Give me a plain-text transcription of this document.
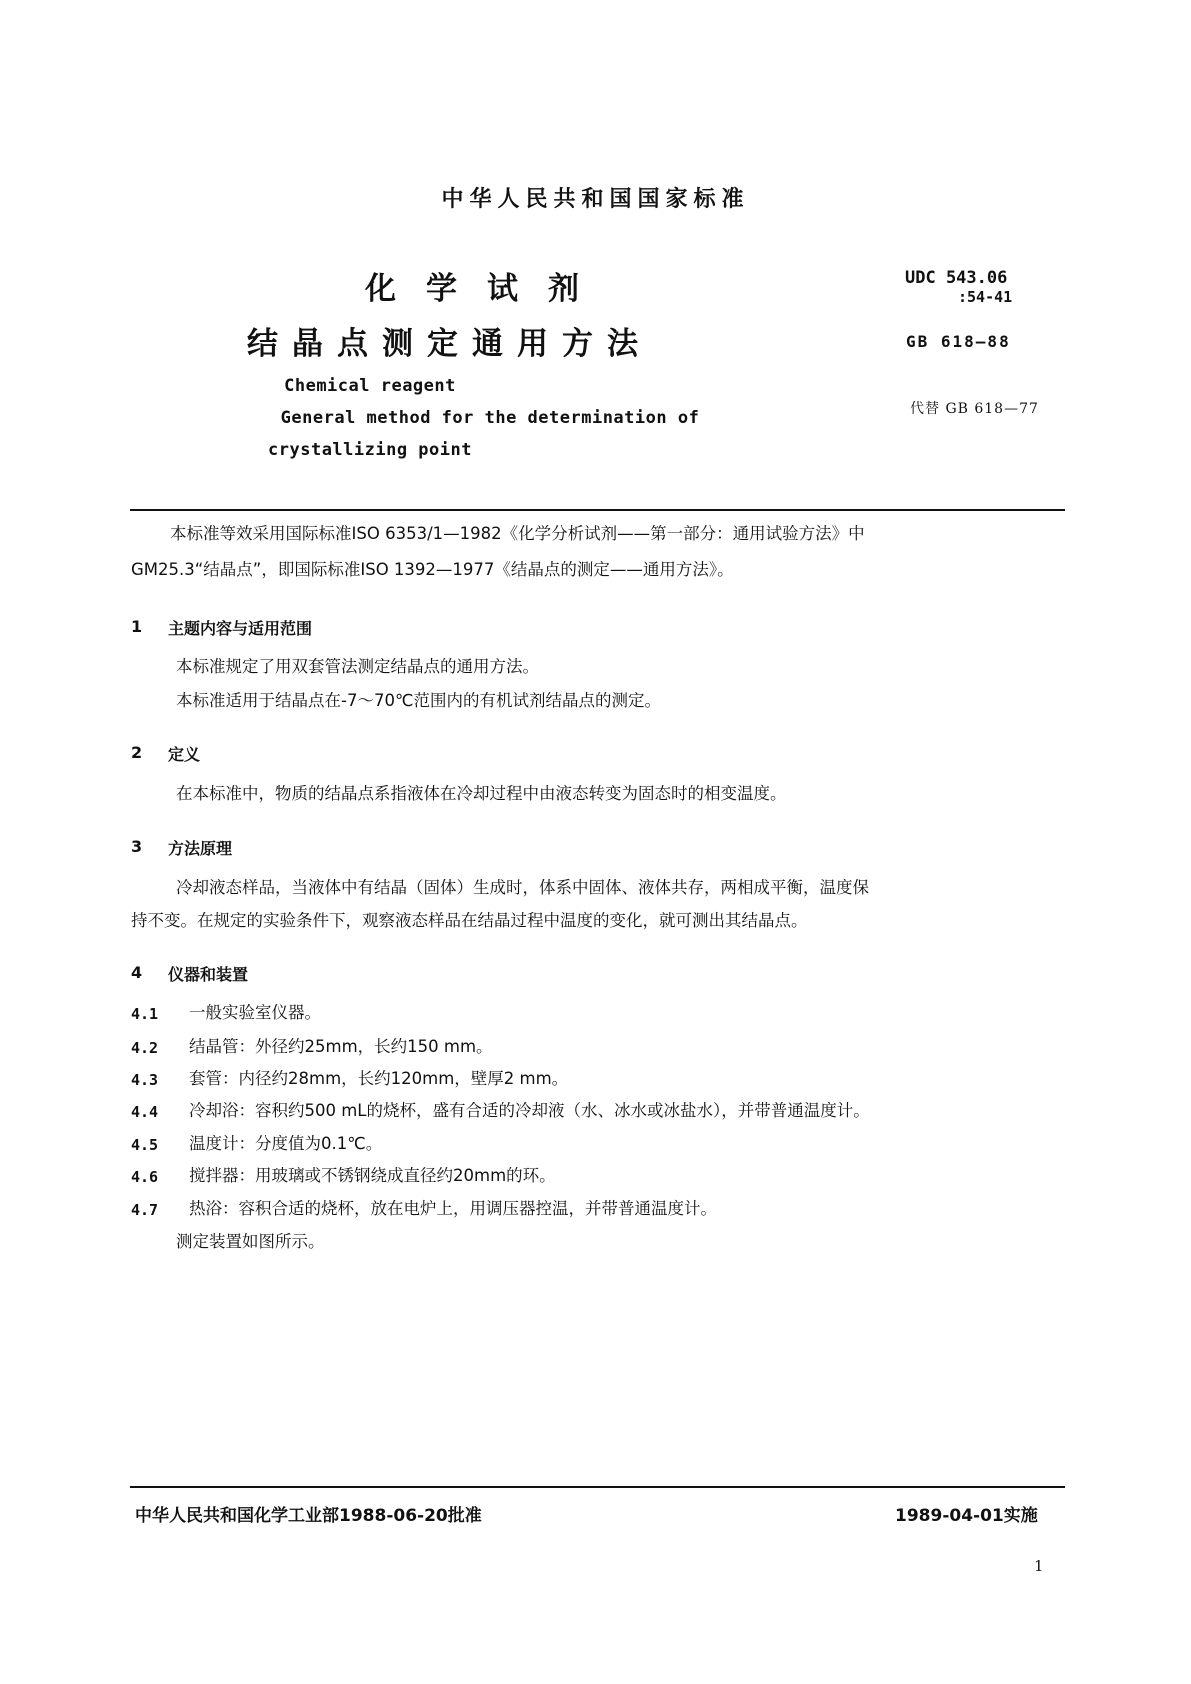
中华人民共和国国家标准
化学试剂
结晶点测定通用方法
Chemical reagent
General method for the determination of
crystallizing point
UDC 543.06
:54-41
GB 618—88
代替 GB 618—77
本标准等效采用国际标准ISO 6353/1—1982《化学分析试剂——第一部分：通用试验方法》中
GM25.3“结晶点”，即国际标准ISO 1392—1977《结晶点的测定——通用方法》。
1 主题内容与适用范围
本标准规定了用双套管法测定结晶点的通用方法。
本标准适用于结晶点在-7～70℃范围内的有机试剂结晶点的测定。
2 定义
在本标准中，物质的结晶点系指液体在冷却过程中由液态转变为固态时的相变温度。
3 方法原理
冷却液态样品，当液体中有结晶（固体）生成时，体系中固体、液体共存，两相成平衡，温度保
持不变。在规定的实验条件下，观察液态样品在结晶过程中温度的变化，就可测出其结晶点。
4 仪器和装置
4.1 一般实验室仪器。
4.2 结晶管：外径约25mm，长约150 mm。
4.3 套管：内径约28mm，长约120mm，壁厚2 mm。
4.4 冷却浴：容积约500 mL的烧杯，盛有合适的冷却液（水、冰水或冰盐水），并带普通温度计。
4.5 温度计：分度值为0.1℃。
4.6 搅拌器：用玻璃或不锈钢绕成直径约20mm的环。
4.7 热浴：容积合适的烧杯，放在电炉上，用调压器控温，并带普通温度计。
测定装置如图所示。
中华人民共和国化学工业部1988-06-20批准	1989-04-01实施
1
